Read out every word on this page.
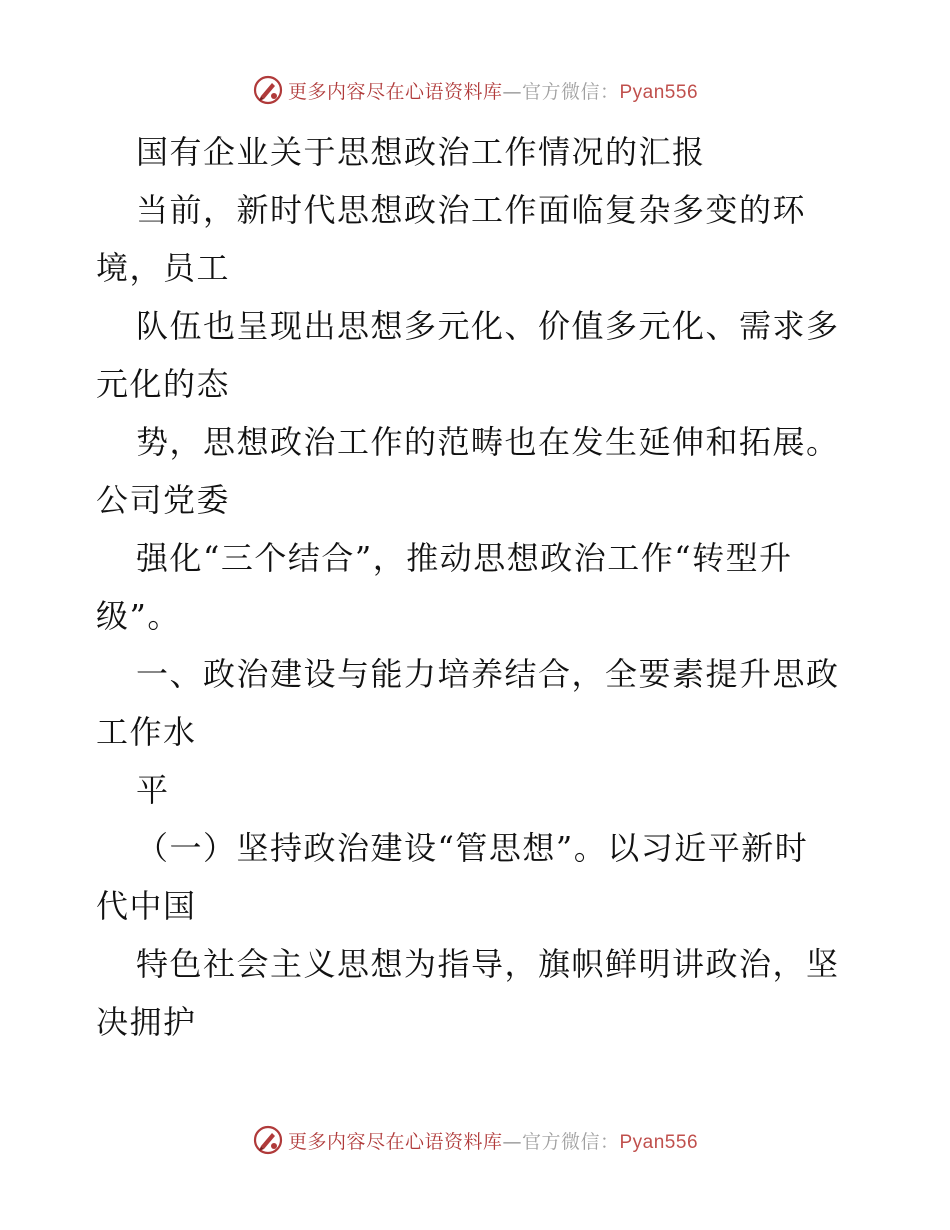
更多内容尽在心语资料库—官方微信：Pyan556
国有企业关于思想政治工作情况的汇报
当前，新时代思想政治工作面临复杂多变的环
境，员工
队伍也呈现出思想多元化、价值多元化、需求多
元化的态
势，思想政治工作的范畴也在发生延伸和拓展。
公司党委
强化“三个结合”，推动思想政治工作“转型升
级”。
一、政治建设与能力培养结合，全要素提升思政
工作水
平
（一）坚持政治建设“管思想”。以习近平新时
代中国
特色社会主义思想为指导，旗帜鲜明讲政治，坚
决拥护
更多内容尽在心语资料库—官方微信：Pyan556
